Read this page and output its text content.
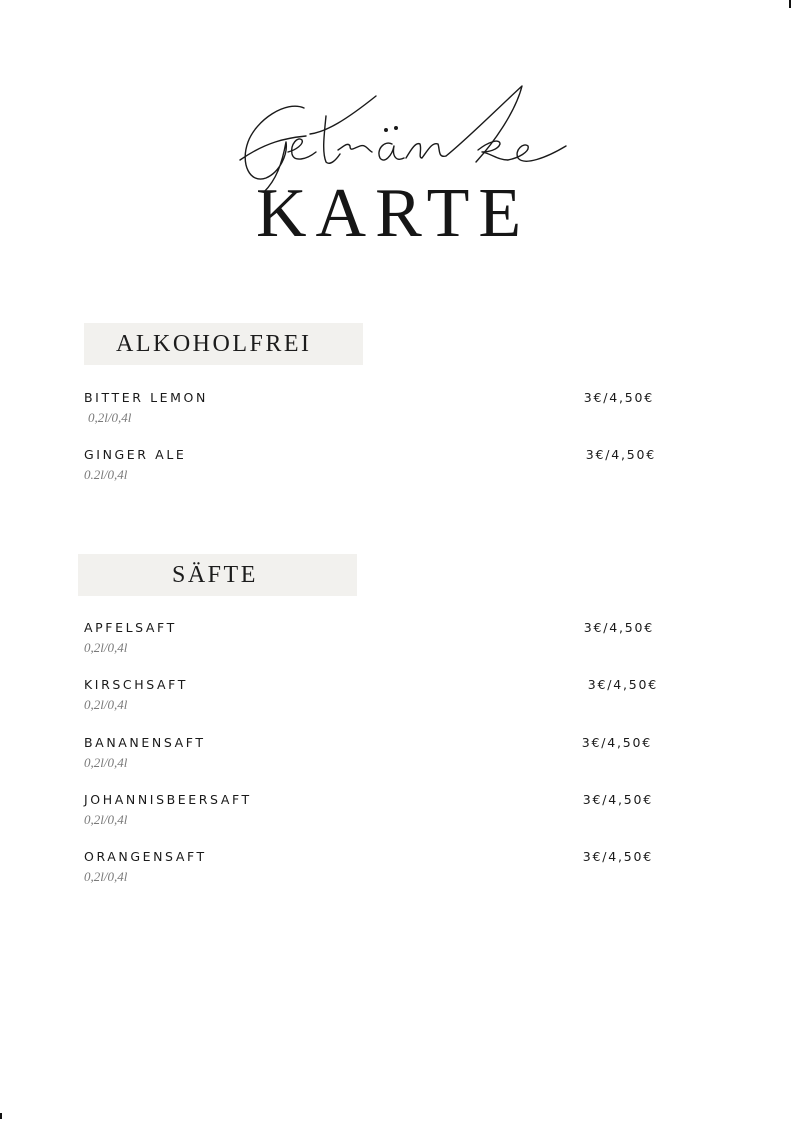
KARTE
ALKOHOLFREI
BITTER LEMON
0,2l/0,4l
3€/4,50€
GINGER ALE
0.2l/0,4l
3€/4,50€
SÄFTE
APFELSAFT
0,2l/0,4l
3€/4,50€
KIRSCHSAFT
0,2l/0,4l
3€/4,50€
BANANENSAFT
0,2l/0,4l
3€/4,50€
JOHANNISBEERSAFT
0,2l/0,4l
3€/4,50€
ORANGENSAFT
0,2l/0,4l
3€/4,50€
